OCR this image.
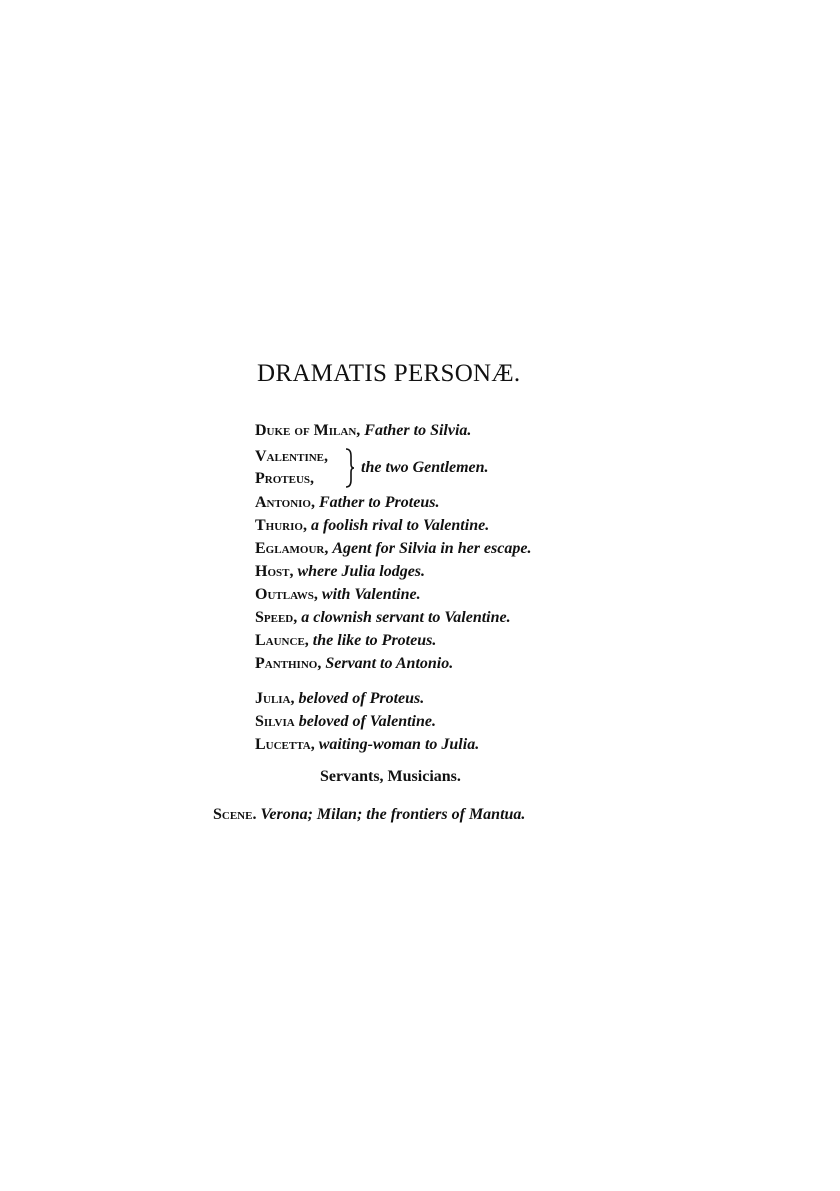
DRAMATIS PERSONÆ.
Duke of Milan, Father to Silvia.
Valentine,
Proteus,
the two Gentlemen.
Antonio, Father to Proteus.
Thurio, a foolish rival to Valentine.
Eglamour, Agent for Silvia in her escape.
Host, where Julia lodges.
Outlaws, with Valentine.
Speed, a clownish servant to Valentine.
Launce, the like to Proteus.
Panthino, Servant to Antonio.
Julia, beloved of Proteus.
Silvia beloved of Valentine.
Lucetta, waiting-woman to Julia.
Servants, Musicians.
Scene. Verona; Milan; the frontiers of Mantua.
